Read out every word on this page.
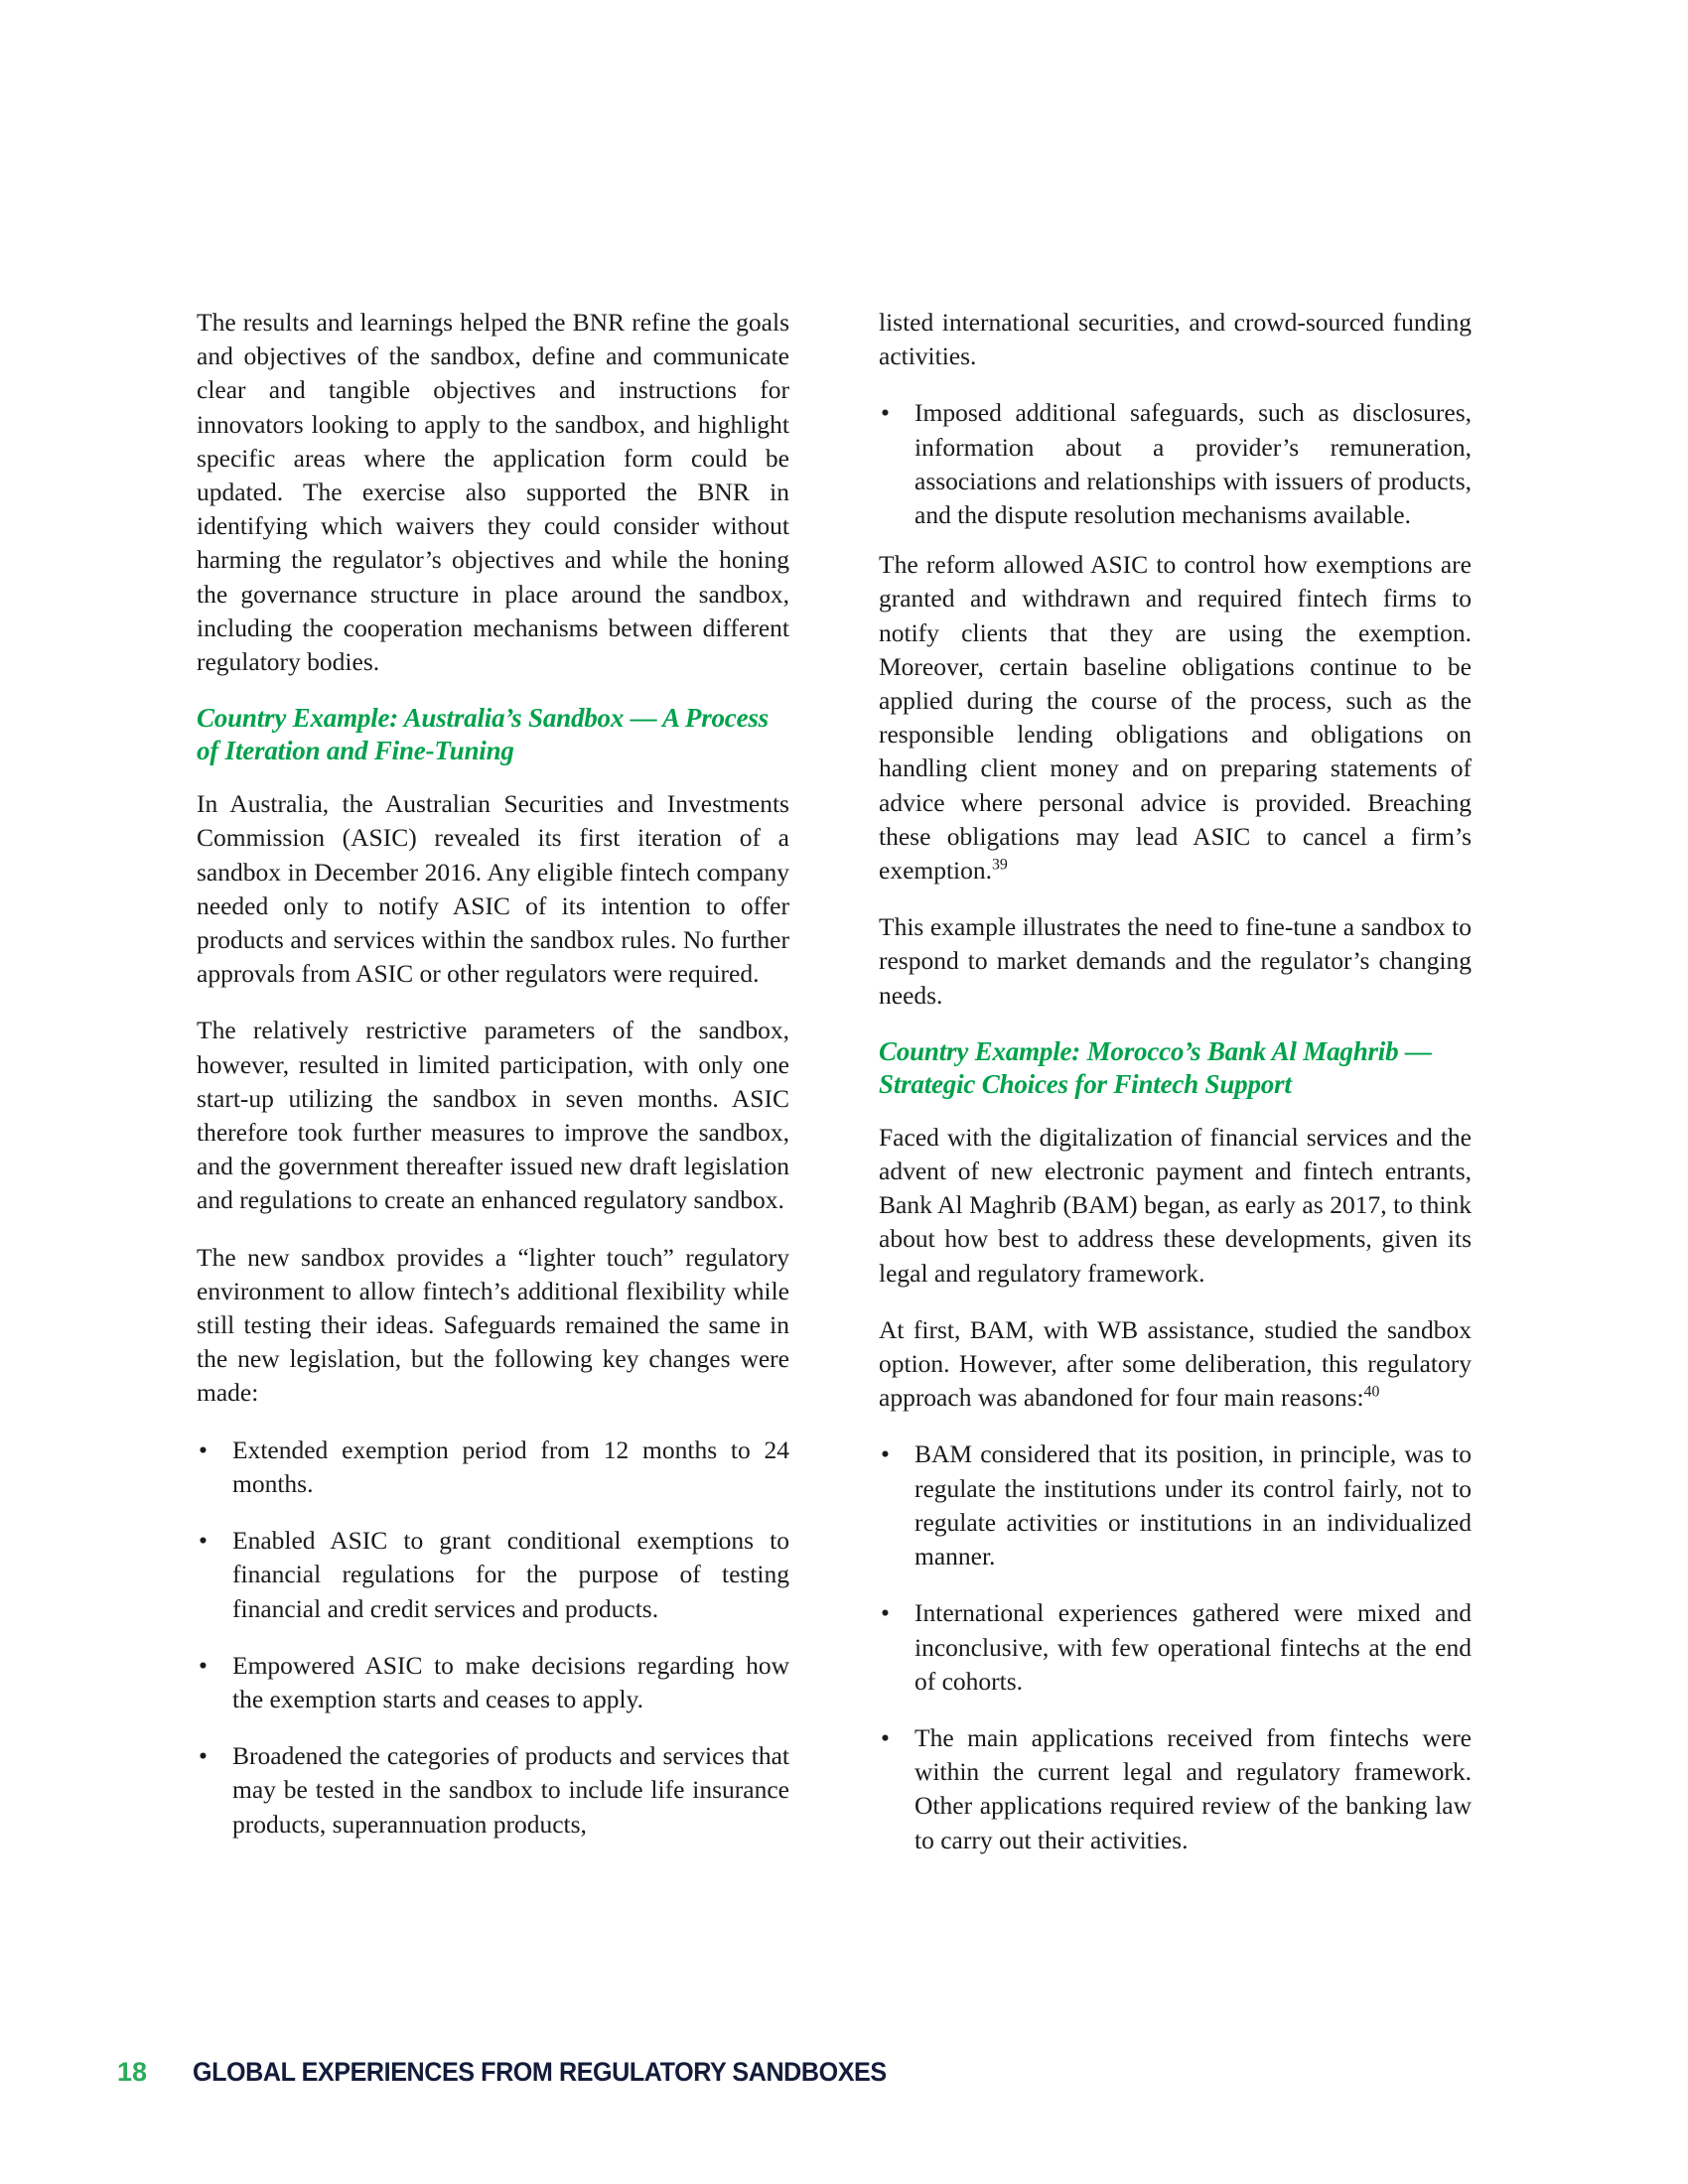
The results and learnings helped the BNR refine the goals and objectives of the sandbox, define and communicate clear and tangible objectives and instructions for innovators looking to apply to the sandbox, and highlight specific areas where the application form could be updated. The exercise also supported the BNR in identifying which waivers they could consider without harming the regulator’s objectives and while the honing the governance structure in place around the sandbox, including the cooperation mechanisms between different regulatory bodies.

Country Example: Australia’s Sandbox — A Process of Iteration and Fine-Tuning

In Australia, the Australian Securities and Investments Commission (ASIC) revealed its first iteration of a sandbox in December 2016. Any eligible fintech company needed only to notify ASIC of its intention to offer products and services within the sandbox rules. No further approvals from ASIC or other regulators were required.

The relatively restrictive parameters of the sandbox, however, resulted in limited participation, with only one start-up utilizing the sandbox in seven months. ASIC therefore took further measures to improve the sandbox, and the government thereafter issued new draft legislation and regulations to create an enhanced regulatory sandbox.

The new sandbox provides a “lighter touch” regulatory environment to allow fintech’s additional flexibility while still testing their ideas. Safeguards remained the same in the new legislation, but the following key changes were made:

• Extended exemption period from 12 months to 24 months.
• Enabled ASIC to grant conditional exemptions to financial regulations for the purpose of testing financial and credit services and products.
• Empowered ASIC to make decisions regarding how the exemption starts and ceases to apply.
• Broadened the categories of products and services that may be tested in the sandbox to include life insurance products, superannuation products,

listed international securities, and crowd-sourced funding activities.

• Imposed additional safeguards, such as disclosures, information about a provider’s remuneration, associations and relationships with issuers of products, and the dispute resolution mechanisms available.

The reform allowed ASIC to control how exemptions are granted and withdrawn and required fintech firms to notify clients that they are using the exemption. Moreover, certain baseline obligations continue to be applied during the course of the process, such as the responsible lending obligations and obligations on handling client money and on preparing statements of advice where personal advice is provided. Breaching these obligations may lead ASIC to cancel a firm’s exemption.$^{39}$

This example illustrates the need to fine-tune a sandbox to respond to market demands and the regulator’s changing needs.

Country Example: Morocco’s Bank Al Maghrib — Strategic Choices for Fintech Support

Faced with the digitalization of financial services and the advent of new electronic payment and fintech entrants, Bank Al Maghrib (BAM) began, as early as 2017, to think about how best to address these developments, given its legal and regulatory framework.

At first, BAM, with WB assistance, studied the sandbox option. However, after some deliberation, this regulatory approach was abandoned for four main reasons:$^{40}$

• BAM considered that its position, in principle, was to regulate the institutions under its control fairly, not to regulate activities or institutions in an individualized manner.
• International experiences gathered were mixed and inconclusive, with few operational fintechs at the end of cohorts.
• The main applications received from fintechs were within the current legal and regulatory framework. Other applications required review of the banking law to carry out their activities.
18	GLOBAL EXPERIENCES FROM REGULATORY SANDBOXES
